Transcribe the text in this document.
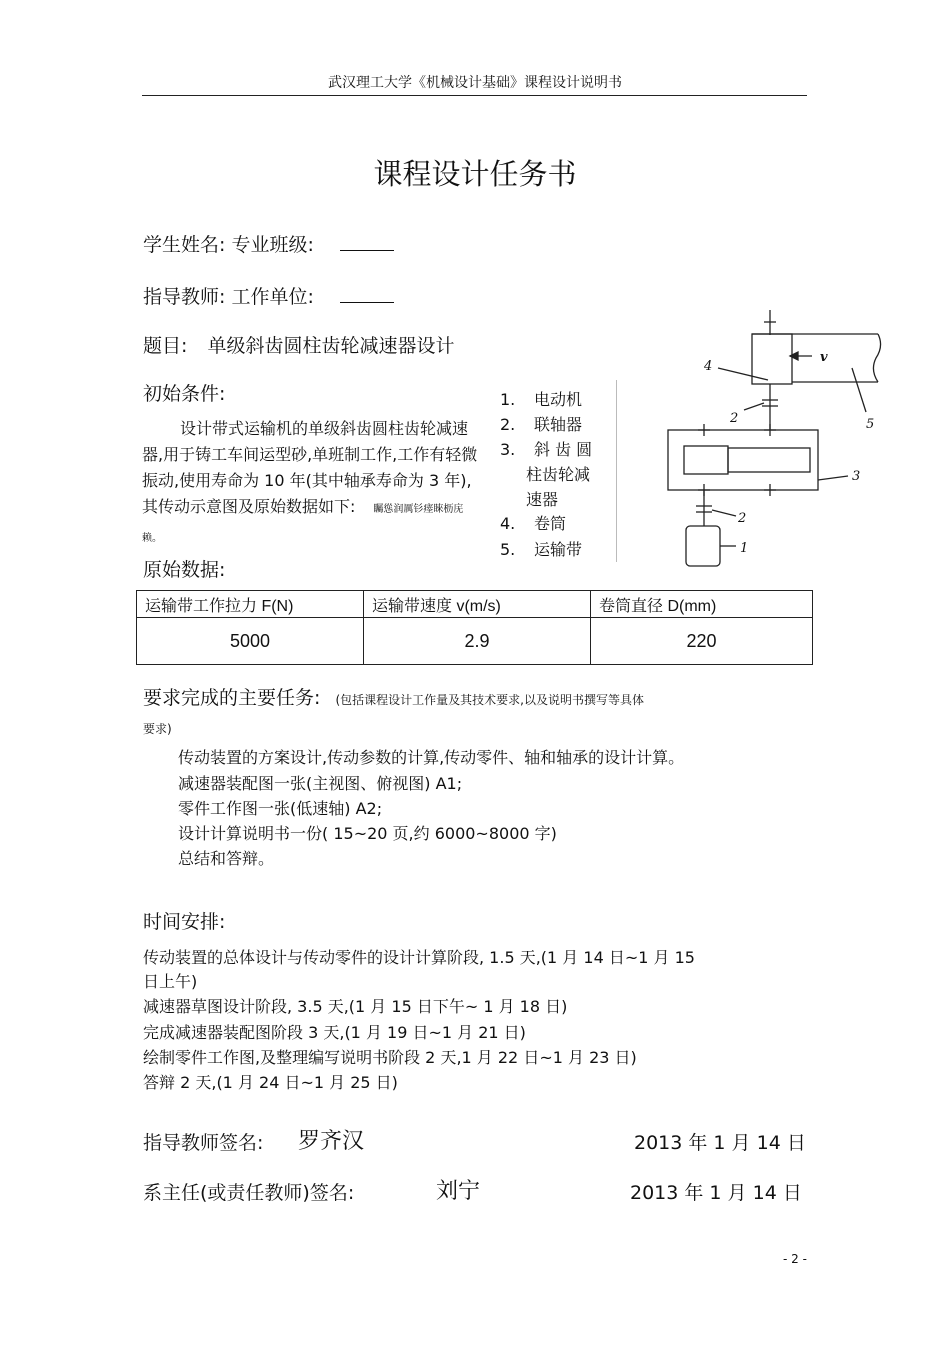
武汉理工大学《机械设计基础》课程设计说明书
课程设计任务书
学生姓名: 专业班级:
指导教师: 工作单位:
题目: 单级斜齿圆柱齿轮减速器设计
初始条件:
设计带式运输机的单级斜齿圆柱齿轮减速器,用于铸工车间运型砂,单班制工作,工作有轻微振动,使用寿命为 10 年(其中轴承寿命为 3 年),其传动示意图及原始数据如下: 矚慫润厲钐瘗睞枥庑赖。
1. 电动机
2. 联轴器
3. 斜 齿 圆
柱齿轮减
速器
4. 卷筒
5. 运输带
4
2	5
3
2
1
v
原始数据:
运输带工作拉力 F(N)	运输带速度 v(m/s)	卷筒直径 D(mm)
5000	2.9	220
要求完成的主要任务: (包括课程设计工作量及其技术要求,以及说明书撰写等具体
要求)
传动装置的方案设计,传动参数的计算,传动零件、轴和轴承的设计计算。
减速器装配图一张(主视图、俯视图) A1;
零件工作图一张(低速轴) A2;
设计计算说明书一份( 15~20 页,约 6000~8000 字)
总结和答辩。
时间安排:
传动装置的总体设计与传动零件的设计计算阶段, 1.5 天,(1 月 14 日~1 月 15
日上午)
减速器草图设计阶段, 3.5 天,(1 月 15 日下午~ 1 月 18 日)
完成减速器装配图阶段 3 天,(1 月 19 日~1 月 21 日)
绘制零件工作图,及整理编写说明书阶段 2 天,1 月 22 日~1 月 23 日)
答辩 2 天,(1 月 24 日~1 月 25 日)
指导教师签名: 罗齐汉	2013 年 1 月 14 日
系主任(或责任教师)签名:	刘宁	2013 年 1 月 14 日
- 2 -
